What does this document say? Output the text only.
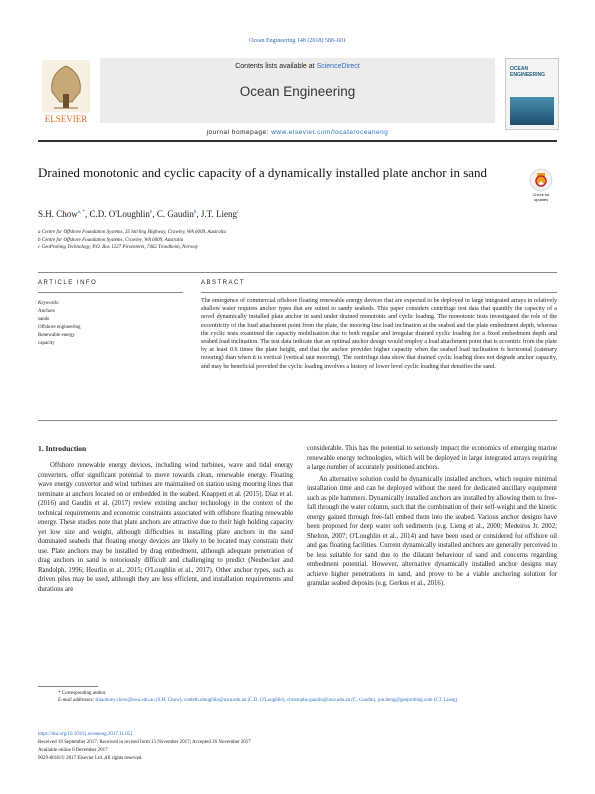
Ocean Engineering 148 (2018) 588–601
ELSEVIER
Contents lists available at ScienceDirect
Ocean Engineering
OCEAN ENGINEERING
journal homepage: www.elsevier.com/locate/oceaneng
Drained monotonic and cyclic capacity of a dynamically installed plate anchor in sand
Check for updates
S.H. Chow$^{a, *}$, C.D. O'Loughlin$^b$, C. Gaudin$^b$, J.T. Lieng$^c$
a Centre for Offshore Foundation Systems, 35 Stirling Highway, Crawley, WA 6009, Australia
b Centre for Offshore Foundation Systems, Crawley, WA 6009, Australia
c GeoProbing Technology, P.O. Box 1227 Pirsenteret, 7462 Trondheim, Norway
ARTICLE INFO	ABSTRACT
Keywords:
Anchors
sands
Offshore engineering
Renewable energy
capacity
The emergence of commercial offshore floating renewable energy devices that are expected to be deployed in large integrated arrays in relatively shallow water requires anchor types that are suited to sandy seabeds. This paper considers centrifuge test data that quantify the capacity of a novel dynamically installed plate anchor in sand under drained monotonic and cyclic loading. The monotonic tests investigated the role of the eccentricity of the load attachment point from the plate, the mooring line load inclination at the seabed and the plate embedment depth, whereas the cyclic tests examined the capacity mobilisation due to both regular and irregular drained cyclic loading for a fixed embedment depth and seabed load inclination. The test data indicate that an optimal anchor design would employ a load attachment point that is eccentric from the plate by at least 0.6 times the plate height, and that the anchor provides higher capacity when the seabed load inclination is horizontal (catenary mooring) than when it is vertical (vertical taut mooring). The centrifuge data show that drained cyclic loading does not degrade anchor capacity, and may be beneficial provided the cyclic loading involves a history of lower level cyclic loading that densifies the sand.
1. Introduction

Offshore renewable energy devices, including wind turbines, wave and tidal energy converters, offer significant potential to move towards clean, renewable energy. Floating wave energy convertor and wind turbines are maintained on station using mooring lines that terminate at anchors located on or embedded in the seabed. Knappett et al. (2015), Díaz et al. (2016) and Gaudin et al. (2017) review existing anchor technology in the context of the technical requirements and economic constraints associated with offshore floating renewable energy. These studies note that plate anchors are attractive due to their high holding capacity yet low size and weight, although difficulties in installing plate anchors in the sand dominated seabeds that floating energy devices are likely to be located may constrain their use. Plate anchors may be installed by drag embedment, although adequate penetration of drag anchors in sand is notoriously difficult and challenging to predict (Neubecker and Randolph, 1996; Heurlin et al., 2015; O'Loughlin et al., 2017). Other anchor types, such as driven piles may be used, although they are less efficient, and installation requirements and durations are

considerable. This has the potential to seriously impact the economics of emerging marine renewable energy technologies, which will be deployed in large integrated arrays requiring a large number of accurately positioned anchors.

An alternative solution could be dynamically installed anchors, which require minimal installation time and can be deployed without the need for dedicated ancillary equipment such as pile hammers. Dynamically installed anchors are installed by allowing them to free-fall through the water column, such that the combination of their self-weight and the kinetic energy gained through free-fall embed them into the seabed. Various anchor designs have been proposed for deep water soft sediments (e.g. Lieng et al., 2000; Medeiros Jr. 2002; Shelton, 2007; O'Loughlin et al., 2014) and have been used or considered for offshore oil and gas floating facilities. Current dynamically installed anchors are generally perceived to be less suitable for sand due to the dilatant behaviour of sand and concerns regarding embedment potential. However, alternative dynamically installed anchor designs may achieve higher penetrations in sand, and prove to be a viable anchoring solution for granular seabed deposits (e.g. Gerkus et al., 2016).

* Corresponding author.
E-mail addresses: shiaohuey.chow@uwa.edu.au (S.H. Chow), conleth.oloughlin@uwa.edu.au (C.D. O'Loughlin), christophe.gaudin@uwa.edu.au (C. Gaudin), jon.lieng@geoprobing.com (J.T. Lieng).
https://doi.org/10.1016/j.oceaneng.2017.11.051
Received 19 September 2017; Received in revised form 13 November 2017; Accepted 26 November 2017
Available online 6 December 2017
0029-8018/© 2017 Elsevier Ltd. All rights reserved.
